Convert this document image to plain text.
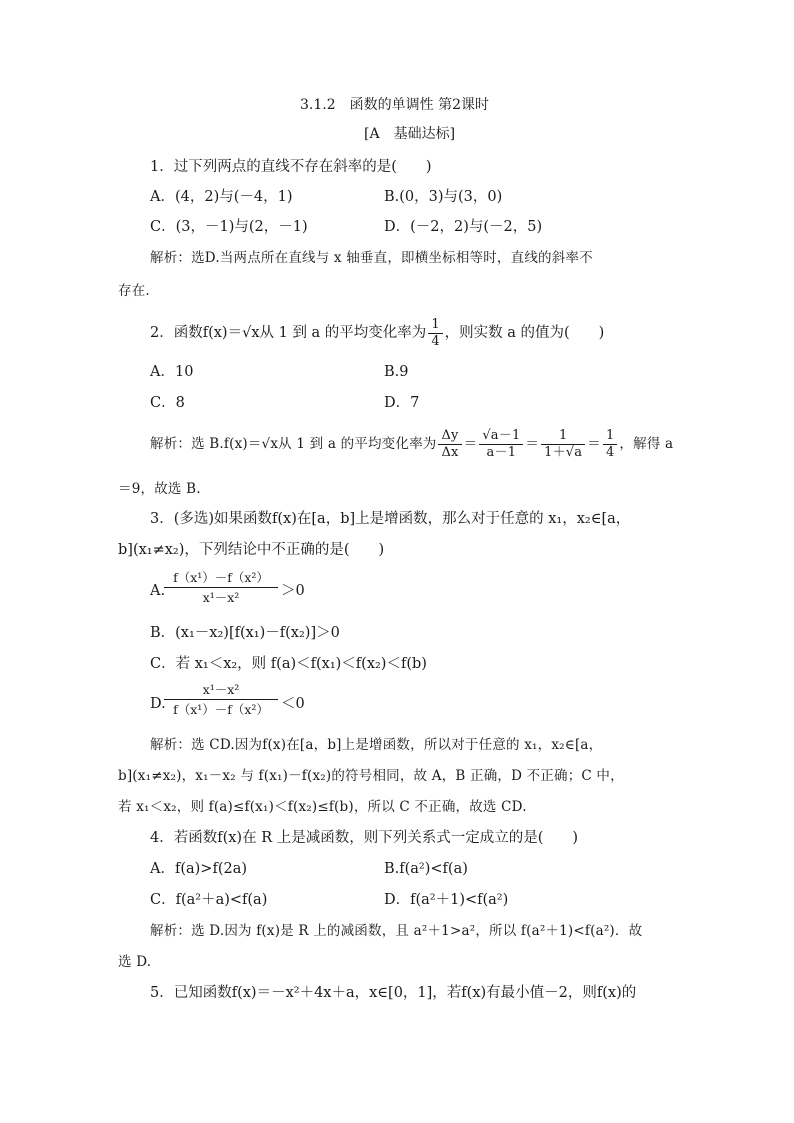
3.1.2　函数的单调性 第2课时
[A　基础达标]
1．过下列两点的直线不存在斜率的是(　　)
A．(4，2)与(－4，1)	B.(0，3)与(3，0)
C．(3，－1)与(2，－1)	D．(－2，2)与(－2，5)
解析：选D.当两点所在直线与 x 轴垂直，即横坐标相等时，直线的斜率不
存在.
2．函数f(x)＝√x从 1 到 a 的平均变化率为 $\frac{1}{4}$ ，则实数 a 的值为(　　)
A．10	B.9
C．8	D．7
解析：选 B.f(x)＝√x从 1 到 a 的平均变化率为 $\frac{\Delta y}{\Delta x} = \frac{√a-1}{a-1} = \frac{1}{1+√a} = \frac{1}{4}$ ，解得 a
＝9，故选 B.
3．(多选)如果函数f(x)在[a，b]上是增函数，那么对于任意的 x₁，x₂∈[a，
b](x₁≠x₂)，下列结论中不正确的是(　　)
A.
$\frac{\text{f（x¹）－f（x²）}}{\text{x¹－x²}} >0$
B．(x₁－x₂)[f(x₁)－f(x₂)]＞0
C．若 x₁＜x₂，则 f(a)＜f(x₁)＜f(x₂)＜f(b)
D.
$\frac{\text{x¹－x²}}{\text{f（x¹）－f（x²）}} <0$
解析：选 CD.因为f(x)在[a，b]上是增函数，所以对于任意的 x₁，x₂∈[a，
b](x₁≠x₂)，x₁－x₂ 与 f(x₁)－f(x₂)的符号相同，故 A，B 正确，D 不正确；C 中，
若 x₁＜x₂，则 f(a)≤f(x₁)＜f(x₂)≤f(b)，所以 C 不正确，故选 CD.
4．若函数f(x)在 R 上是减函数，则下列关系式一定成立的是(　　)
A．f(a)>f(2a)	B.f(a²)<f(a)
C．f(a²＋a)<f(a)	D．f(a²＋1)<f(a²)
解析：选 D.因为 f(x)是 R 上的减函数，且 a²＋1>a²，所以 f(a²＋1)<f(a²)．故
选 D.
5．已知函数f(x)＝－x²＋4x＋a，x∈[0，1]，若f(x)有最小值－2，则f(x)的
